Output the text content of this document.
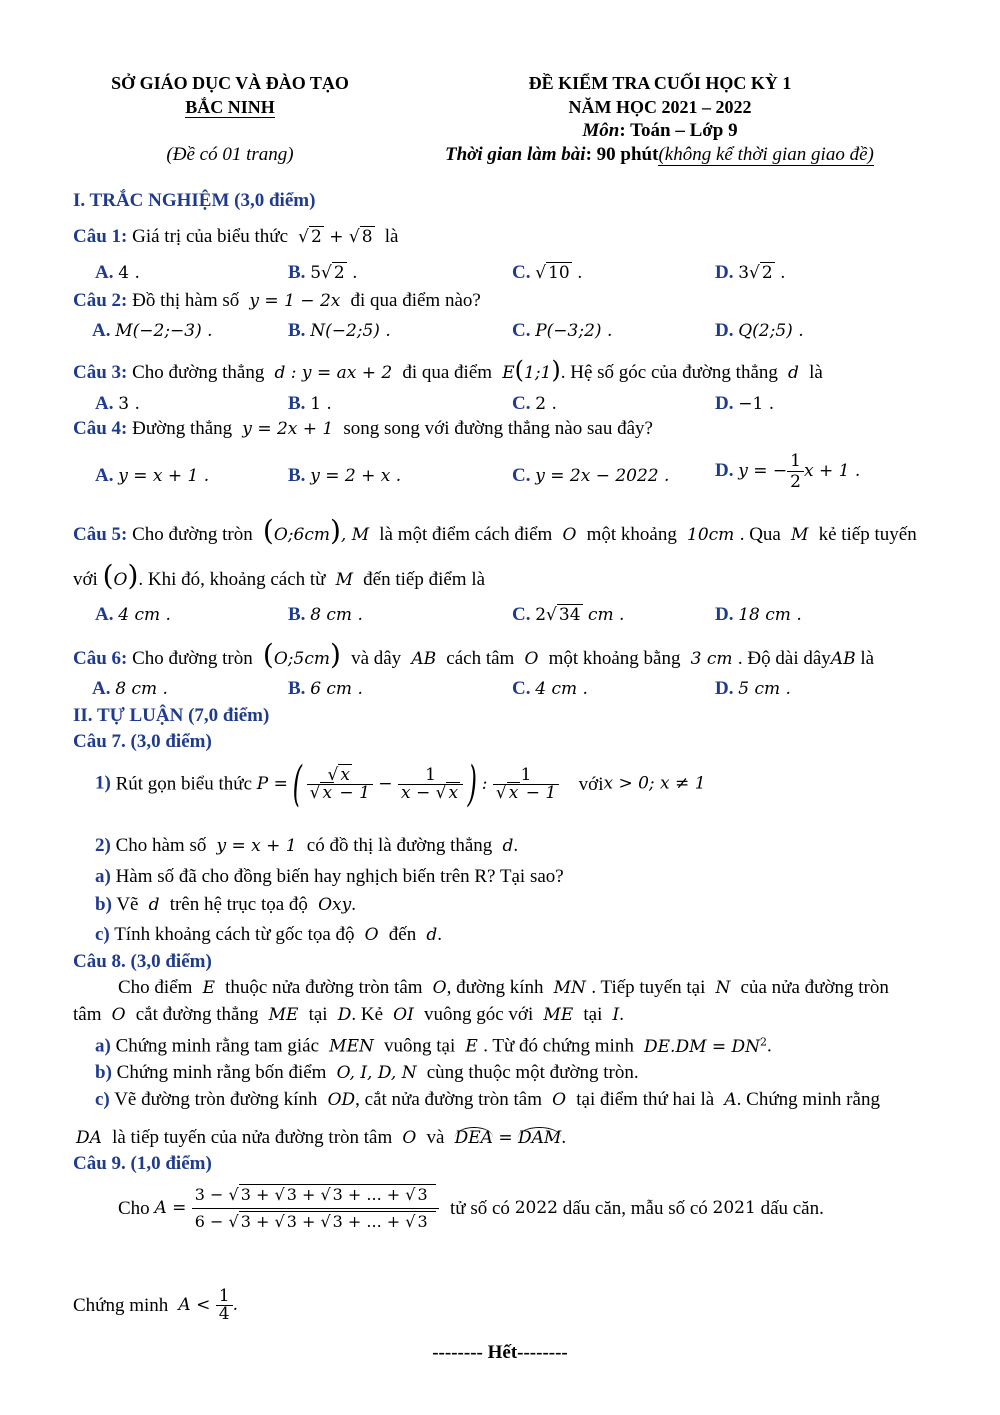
SỞ GIÁO DỤC VÀ ĐÀO TẠO
BẮC NINH
(Đề có 01 trang)
ĐỀ KIỂM TRA CUỐI HỌC KỲ 1
NĂM HỌC 2021 – 2022
Môn: Toán – Lớp 9
Thời gian làm bài: 90 phút(không kể thời gian giao đề)
I. TRẮC NGHIỆM (3,0 điểm)
Câu 1: Giá trị của biểu thức  √ 2 + √ 8 là
A. 4 .	B. 5√ 2 .	C. √ 10 .	D. 3√ 2 .
Câu 2: Đồ thị hàm số  y = 1 − 2x  đi qua điểm nào?
A. M(−2;−3) .	B. N(−2;5) .	C. P(−3;2) .	D. Q(2;5) .
Câu 3: Cho đường thẳng  d : y = ax + 2  đi qua điểm  E(1;1). Hệ số góc của đường thẳng  d  là
A. 3 .	B. 1 .	C. 2 .	D. −1 .
Câu 4: Đường thẳng  y = 2x + 1  song song với đường thẳng nào sau đây?
A. y = x + 1 .	B. y = 2 + x .	C. y = 2x − 2022 . D. y = − $\frac{1}{2}$ x + 1 .
Câu 5: Cho đường tròn (O;6cm), M  là một điểm cách điểm  O  một khoảng  10cm . Qua  M  kẻ tiếp tuyến
với (O). Khi đó, khoảng cách từ  M  đến tiếp điểm là
A. 4 cm .	B. 8 cm .	C. 2√ 34 cm .	D. 18 cm .
Câu 6: Cho đường tròn (O;5cm) và dây  AB  cách tâm  O  một khoảng bằng  3 cm . Độ dài dâyAB là
A. 8 cm .	B. 6 cm .	C. 4 cm .	D. 5 cm .
II. TỰ LUẬN (7,0 điểm)
Câu 7. (3,0 điểm)
1) Rút gọn biểu thức P =( $\frac{√ x}{√ x - 1} - \frac{1}{x - √ x}$ ) : $\frac{1}{√ x - 1}$ vớix > 0; x ≠ 1
2) Cho hàm số  y = x + 1  có đồ thị là đường thẳng  d.
a) Hàm số đã cho đồng biến hay nghịch biến trên R? Tại sao?
b) Vẽ  d  trên hệ trục tọa độ  Oxy.
c) Tính khoảng cách từ gốc tọa độ  O  đến  d.
Câu 8. (3,0 điểm)
Cho điểm  E  thuộc nửa đường tròn tâm  O, đường kính  MN . Tiếp tuyến tại  N  của nửa đường tròn
tâm  O  cắt đường thẳng  ME  tại  D. Kẻ  OI  vuông góc với  ME  tại  I.
a) Chứng minh rằng tam giác  MEN  vuông tại  E . Từ đó chứng minh  $DE.DM = DN^2$.
b) Chứng minh rằng bốn điểm  O, I, D, N  cùng thuộc một đường tròn.
c) Vẽ đường tròn đường kính  OD, cắt nửa đường tròn tâm  O  tại điểm thứ hai là  A. Chứng minh rằng
DA  là tiếp tuyến của nửa đường tròn tâm  O  và DEA = DAM.
Câu 9. (1,0 điểm)
Cho $A = \frac{3 - √ 3 + √ 3 + √ 3 + ... + √ 3}{6 - √ 3 + √ 3 + √ 3 + ... + √ 3}$ tử số có 2022 dấu căn, mẫu số có 2021 dấu căn.
Chứng minh  $A < \frac{1}{4}$ .
-------- Hết--------
